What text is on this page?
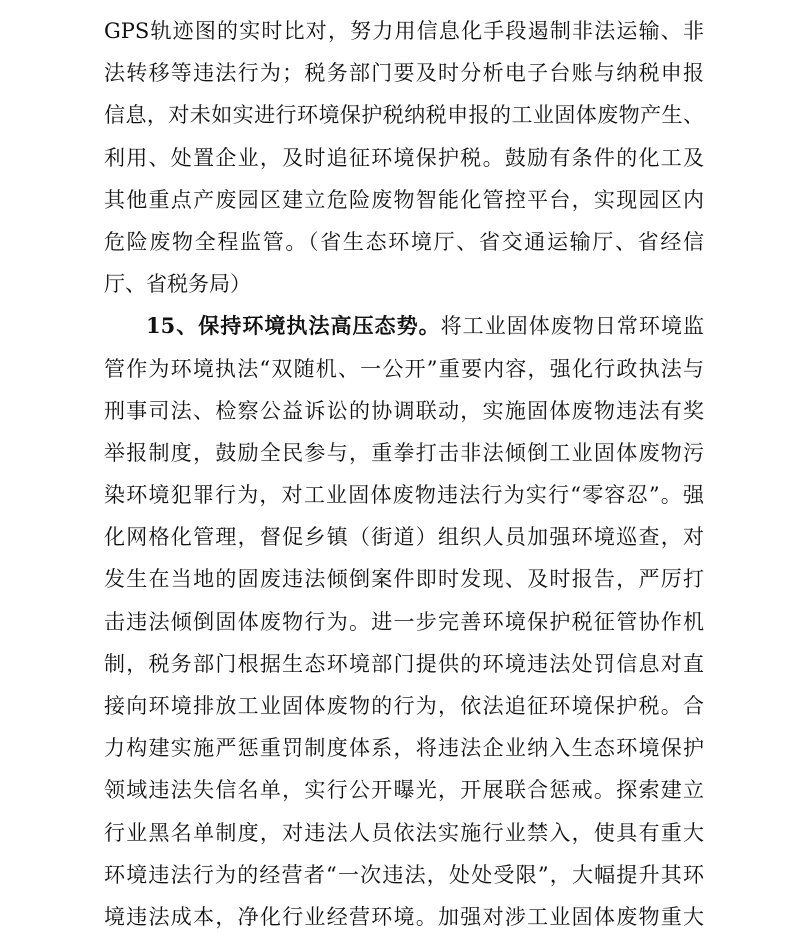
GPS轨迹图的实时比对，努力用信息化手段遏制非法运输、非
法转移等违法行为；税务部门要及时分析电子台账与纳税申报
信息，对未如实进行环境保护税纳税申报的工业固体废物产生、
利用、处置企业，及时追征环境保护税。鼓励有条件的化工及
其他重点产废园区建立危险废物智能化管控平台，实现园区内
危险废物全程监管。（省生态环境厅、省交通运输厅、省经信
厅、省税务局）
15、保持环境执法高压态势。将工业固体废物日常环境监
管作为环境执法“双随机、一公开”重要内容，强化行政执法与
刑事司法、检察公益诉讼的协调联动，实施固体废物违法有奖
举报制度，鼓励全民参与，重拳打击非法倾倒工业固体废物污
染环境犯罪行为，对工业固体废物违法行为实行“零容忍”。强
化网格化管理，督促乡镇（街道）组织人员加强环境巡查，对
发生在当地的固废违法倾倒案件即时发现、及时报告，严厉打
击违法倾倒固体废物行为。进一步完善环境保护税征管协作机
制，税务部门根据生态环境部门提供的环境违法处罚信息对直
接向环境排放工业固体废物的行为，依法追征环境保护税。合
力构建实施严惩重罚制度体系，将违法企业纳入生态环境保护
领域违法失信名单，实行公开曝光，开展联合惩戒。探索建立
行业黑名单制度，对违法人员依法实施行业禁入，使具有重大
环境违法行为的经营者“一次违法，处处受限”，大幅提升其环
境违法成本，净化行业经营环境。加强对涉工业固体废物重大
